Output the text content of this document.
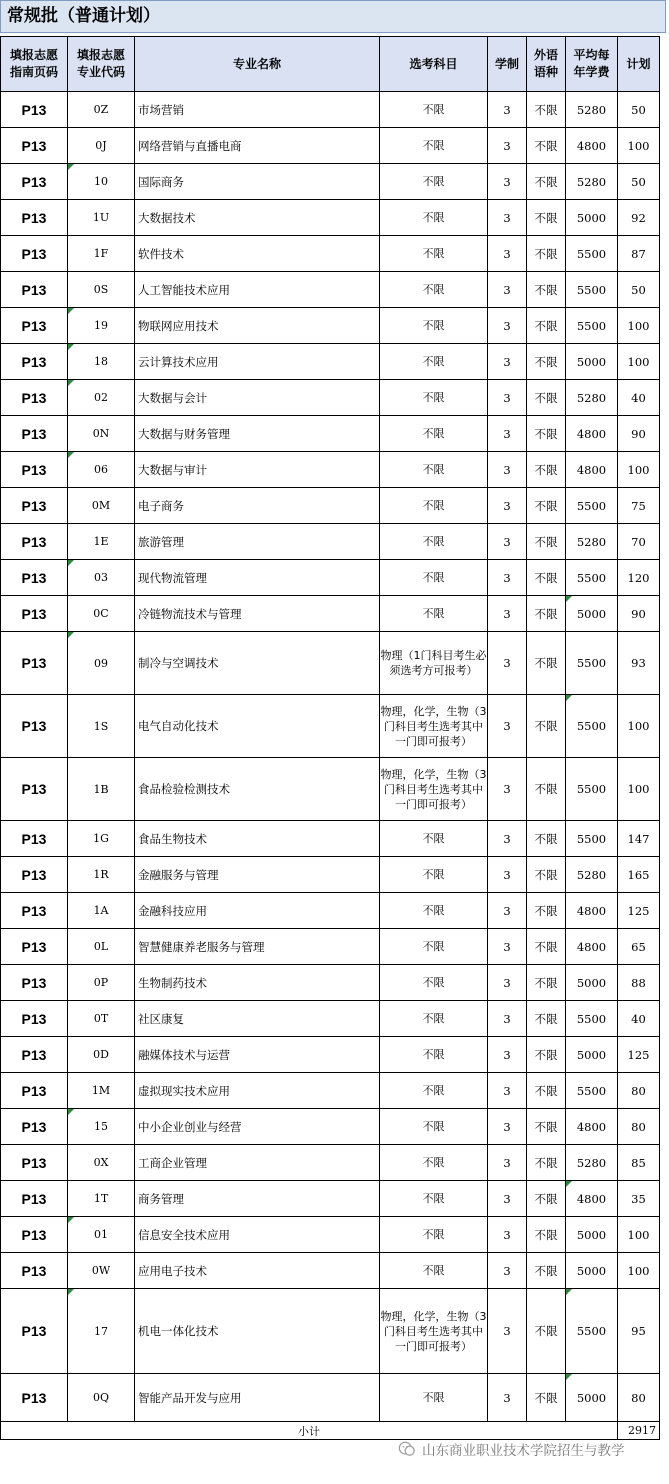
常规批（普通计划）
填报志愿指南页码	填报志愿专业代码	专业名称	选考科目	学制	外语语种	平均每年学费	计划
P13	0Z	市场营销	不限	3	不限	5280	50
P13	0J	网络营销与直播电商	不限	3	不限	4800	100
P13	10	国际商务	不限	3	不限	5280	50
P13	1U	大数据技术	不限	3	不限	5000	92
P13	1F	软件技术	不限	3	不限	5500	87
P13	0S	人工智能技术应用	不限	3	不限	5500	50
P13	19	物联网应用技术	不限	3	不限	5500	100
P13	18	云计算技术应用	不限	3	不限	5000	100
P13	02	大数据与会计	不限	3	不限	5280	40
P13	0N	大数据与财务管理	不限	3	不限	4800	90
P13	06	大数据与审计	不限	3	不限	4800	100
P13	0M	电子商务	不限	3	不限	5500	75
P13	1E	旅游管理	不限	3	不限	5280	70
P13	03	现代物流管理	不限	3	不限	5500	120
P13	0C	冷链物流技术与管理	不限	3	不限	5000	90
P13	09	制冷与空调技术	物理（1门科目考生必须选考方可报考）	3	不限	5500	93
P13	1S	电气自动化技术	物理，化学，生物（3门科目考生选考其中一门即可报考）	3	不限	5500	100
P13	1B	食品检验检测技术	物理，化学，生物（3门科目考生选考其中一门即可报考）	3	不限	5500	100
P13	1G	食品生物技术	不限	3	不限	5500	147
P13	1R	金融服务与管理	不限	3	不限	5280	165
P13	1A	金融科技应用	不限	3	不限	4800	125
P13	0L	智慧健康养老服务与管理	不限	3	不限	4800	65
P13	0P	生物制药技术	不限	3	不限	5000	88
P13	0T	社区康复	不限	3	不限	5500	40
P13	0D	融媒体技术与运营	不限	3	不限	5000	125
P13	1M	虚拟现实技术应用	不限	3	不限	5500	80
P13	15	中小企业创业与经营	不限	3	不限	4800	80
P13	0X	工商企业管理	不限	3	不限	5280	85
P13	1T	商务管理	不限	3	不限	4800	35
P13	01	信息安全技术应用	不限	3	不限	5000	100
P13	0W	应用电子技术	不限	3	不限	5000	100
P13	17	机电一体化技术	物理，化学，生物（3门科目考生选考其中一门即可报考）	3	不限	5500	95
P13	0Q	智能产品开发与应用	不限	3	不限	5000	80
小计							2917
山东商业职业技术学院招生与教学
